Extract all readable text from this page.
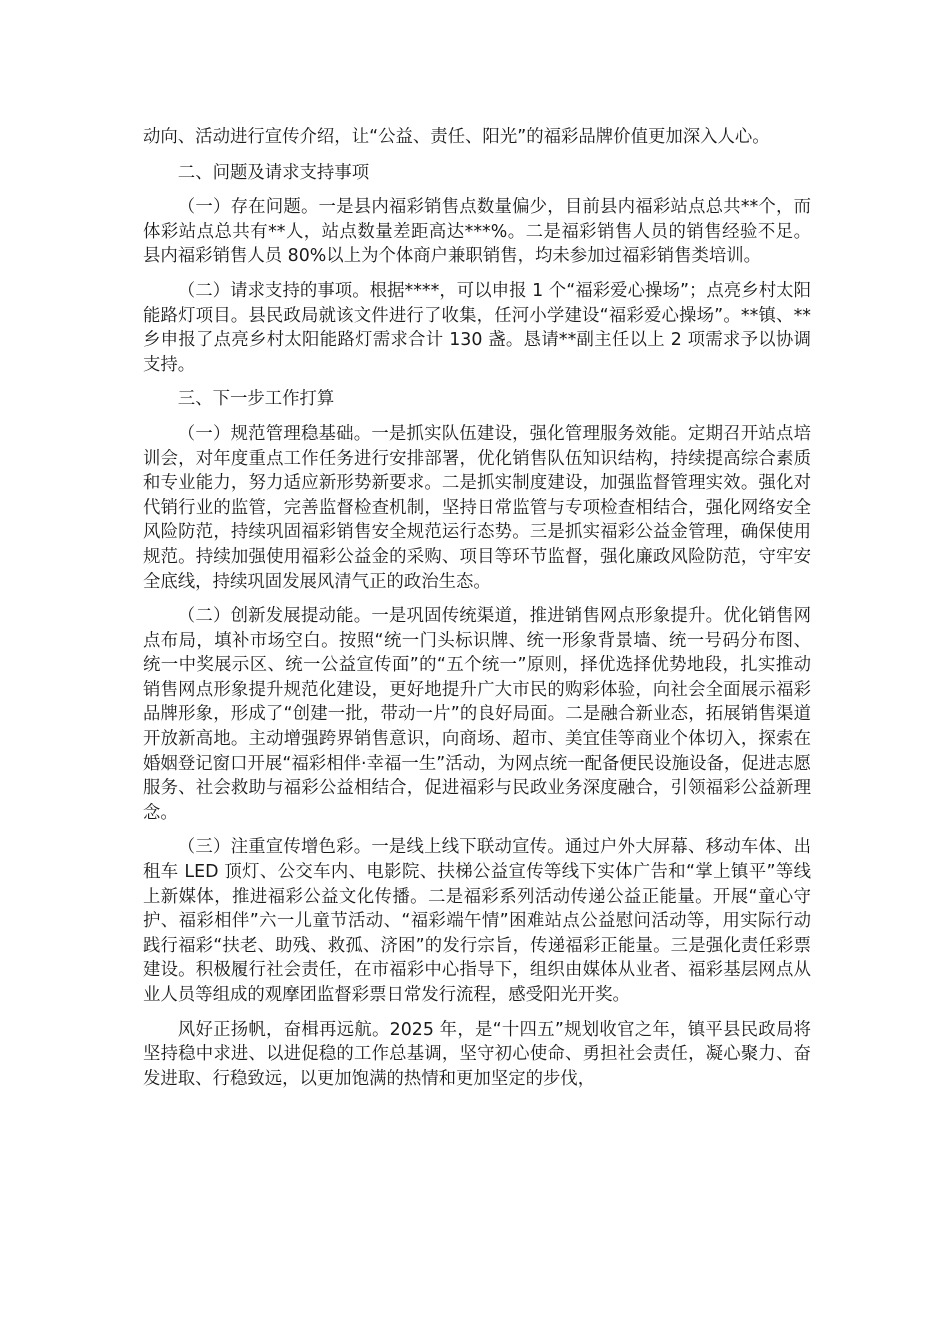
动向、活动进行宣传介绍，让“公益、责任、阳光”的福彩品牌价值更加深入人心。

二、问题及请求支持事项

（一）存在问题。一是县内福彩销售点数量偏少，目前县内福彩站点总共**个，而体彩站点总共有**人，站点数量差距高达***%。二是福彩销售人员的销售经验不足。县内福彩销售人员 80%以上为个体商户兼职销售，均未参加过福彩销售类培训。

（二）请求支持的事项。根据****，可以申报 1 个“福彩爱心操场”；点亮乡村太阳能路灯项目。县民政局就该文件进行了收集，任河小学建设“福彩爱心操场”。**镇、**乡申报了点亮乡村太阳能路灯需求合计 130 盏。恳请**副主任以上 2 项需求予以协调支持。

三、下一步工作打算

（一）规范管理稳基础。一是抓实队伍建设，强化管理服务效能。定期召开站点培训会，对年度重点工作任务进行安排部署，优化销售队伍知识结构，持续提高综合素质和专业能力，努力适应新形势新要求。二是抓实制度建设，加强监督管理实效。强化对代销行业的监管，完善监督检查机制，坚持日常监管与专项检查相结合，强化网络安全风险防范，持续巩固福彩销售安全规范运行态势。三是抓实福彩公益金管理，确保使用规范。持续加强使用福彩公益金的采购、项目等环节监督，强化廉政风险防范，守牢安全底线，持续巩固发展风清气正的政治生态。

（二）创新发展提动能。一是巩固传统渠道，推进销售网点形象提升。优化销售网点布局，填补市场空白。按照“统一门头标识牌、统一形象背景墙、统一号码分布图、统一中奖展示区、统一公益宣传面”的“五个统一”原则，择优选择优势地段，扎实推动销售网点形象提升规范化建设，更好地提升广大市民的购彩体验，向社会全面展示福彩品牌形象，形成了“创建一批，带动一片”的良好局面。二是融合新业态，拓展销售渠道开放新高地。主动增强跨界销售意识，向商场、超市、美宜佳等商业个体切入，探索在婚姻登记窗口开展“福彩相伴·幸福一生”活动，为网点统一配备便民设施设备，促进志愿服务、社会救助与福彩公益相结合，促进福彩与民政业务深度融合，引领福彩公益新理念。

（三）注重宣传增色彩。一是线上线下联动宣传。通过户外大屏幕、移动车体、出租车 LED 顶灯、公交车内、电影院、扶梯公益宣传等线下实体广告和“掌上镇平”等线上新媒体，推进福彩公益文化传播。二是福彩系列活动传递公益正能量。开展“童心守护、福彩相伴”六一儿童节活动、“福彩端午情”困难站点公益慰问活动等，用实际行动践行福彩“扶老、助残、救孤、济困”的发行宗旨，传递福彩正能量。三是强化责任彩票建设。积极履行社会责任，在市福彩中心指导下，组织由媒体从业者、福彩基层网点从业人员等组成的观摩团监督彩票日常发行流程，感受阳光开奖。

风好正扬帆，奋楫再远航。2025 年，是“十四五”规划收官之年，镇平县民政局将坚持稳中求进、以进促稳的工作总基调，坚守初心使命、勇担社会责任，凝心聚力、奋发进取、行稳致远，以更加饱满的热情和更加坚定的步伐，
